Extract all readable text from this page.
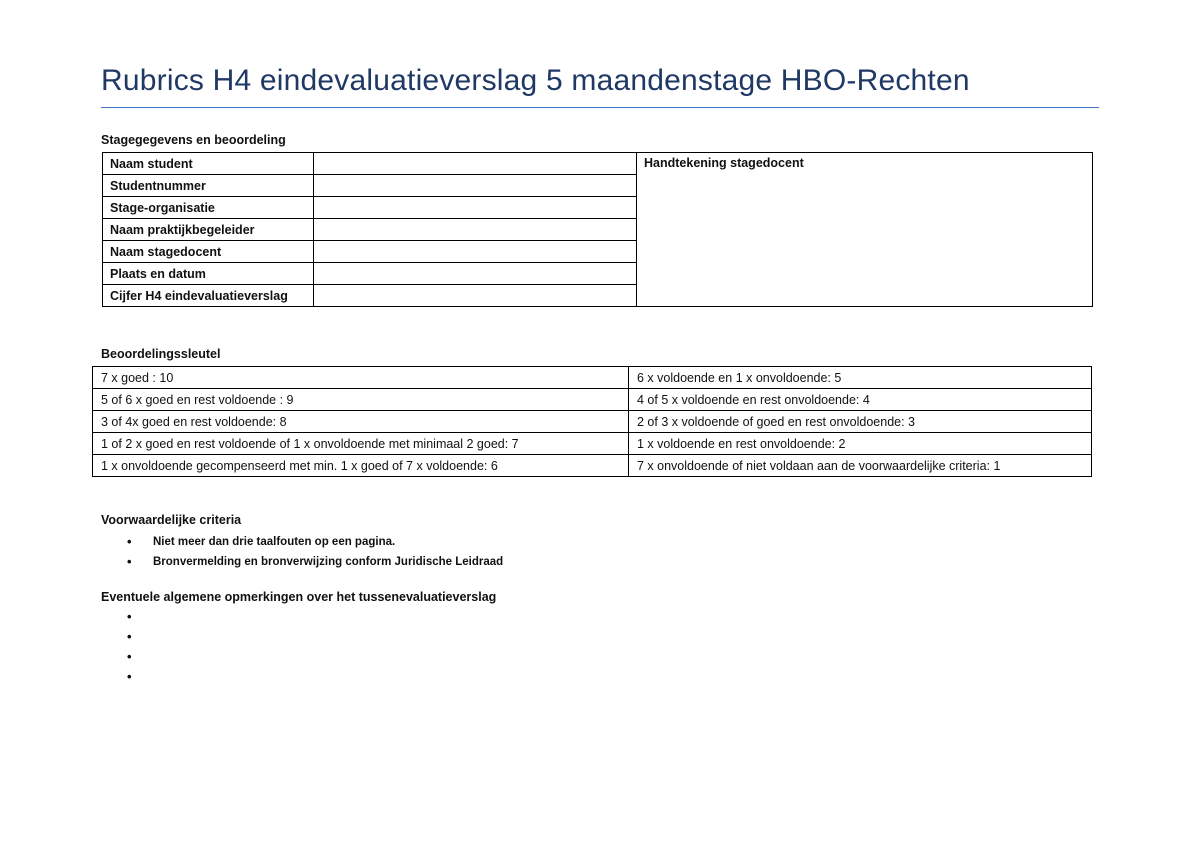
Rubrics H4 eindevaluatieverslag 5 maandenstage HBO-Rechten
Stagegegevens en beoordeling
Naam student		Handtekening stagedocent
Studentnummer		
Stage-organisatie		
Naam praktijkbegeleider		
Naam stagedocent		
Plaats en datum		
Cijfer H4 eindevaluatieverslag		
Beoordelingssleutel
7 x goed : 10	6 x voldoende en 1 x onvoldoende: 5
5 of 6 x goed en rest voldoende : 9	4 of 5 x voldoende en rest onvoldoende: 4
3 of 4x goed en rest voldoende: 8	2 of 3 x voldoende of goed en rest onvoldoende: 3
1 of 2 x goed en rest voldoende of 1 x onvoldoende met minimaal 2 goed: 7	1 x voldoende en rest onvoldoende: 2
1 x onvoldoende gecompenseerd met min. 1 x goed of 7 x voldoende: 6	7 x onvoldoende of niet voldaan aan de voorwaardelijke criteria: 1
Voorwaardelijke criteria
• Niet meer dan drie taalfouten op een pagina.
• Bronvermelding en bronverwijzing conform Juridische Leidraad
Eventuele algemene opmerkingen over het tussenevaluatieverslag
•
•
•
•
